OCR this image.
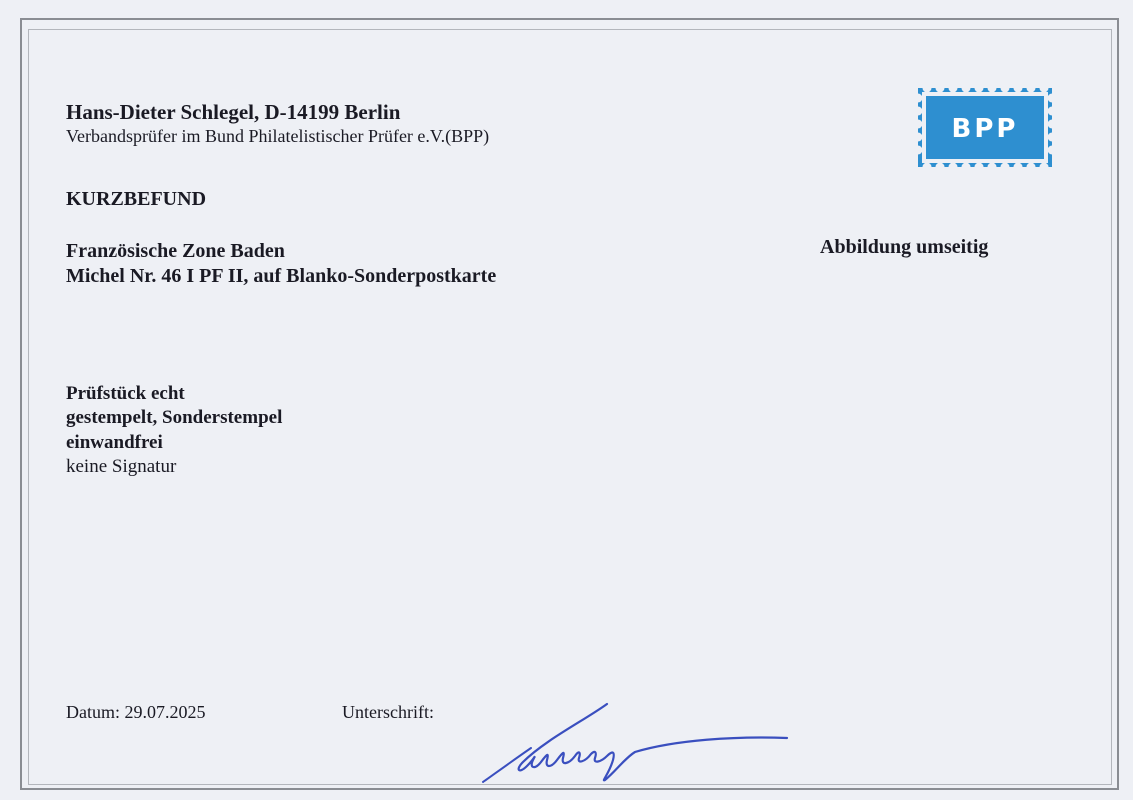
Hans-Dieter Schlegel, D-14199 Berlin
Verbandsprüfer im Bund Philatelistischer Prüfer e.V.(BPP)	BPP
KURZBEFUND
Französische Zone Baden
Michel Nr. 46 I PF II, auf Blanko-Sonderpostkarte
Abbildung umseitig
Prüfstück echt
gestempelt, Sonderstempel
einwandfrei
keine Signatur
Datum: 29.07.2025	Unterschrift:
